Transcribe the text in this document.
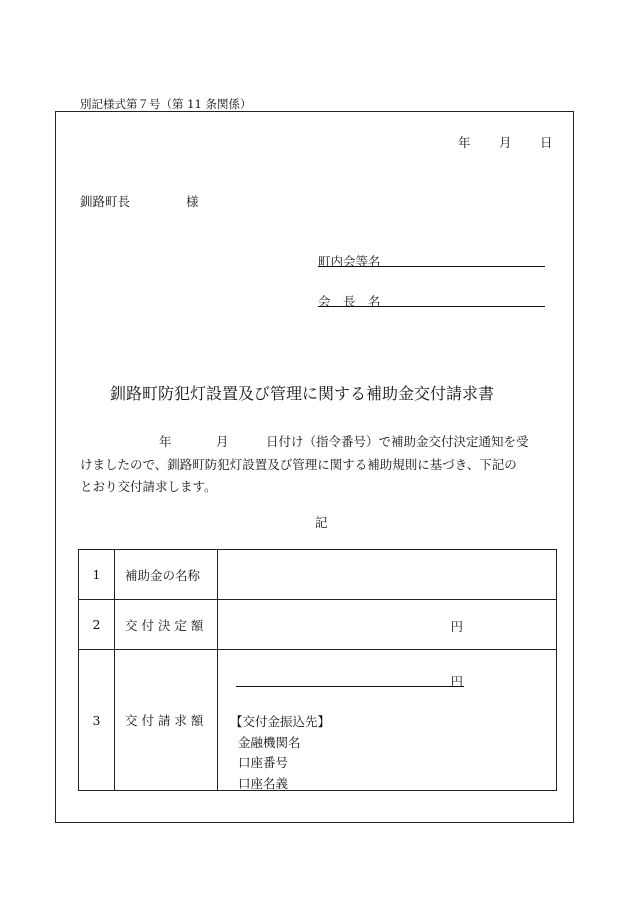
別記様式第７号（第 11 条関係）
年 月 日
釧路町長	様
町内会等名
会　長　名
釧路町防犯灯設置及び管理に関する補助金交付請求書
年	月	日付け（指令番号）で補助金交付決定通知を受
けましたので、釧路町防犯灯設置及び管理に関する補助規則に基づき、下記の
とおり交付請求します。
記
1	補助金の名称	
2	交 付 決 定 額	円

3	交 付 請 求 額	円
【交付金振込先】
金融機関名
口座番号
口座名義
